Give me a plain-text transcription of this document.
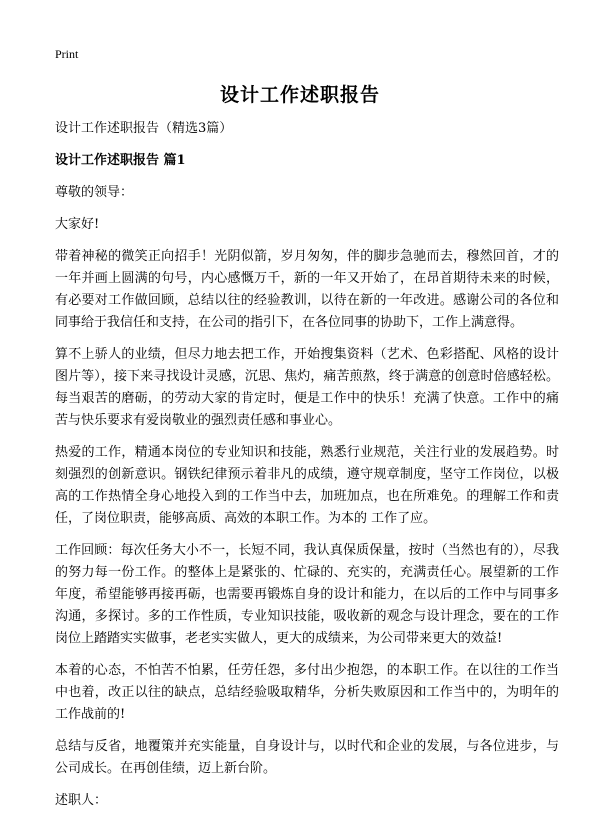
Print
设计工作述职报告

设计工作述职报告（精选3篇）

设计工作述职报告 篇1

尊敬的领导：

大家好!

带着神秘的微笑正向招手！光阴似箭，岁月匆匆，伴的脚步急驰而去，穆然回首，才的一年并画上圆满的句号，内心感慨万千，新的一年又开始了，在昂首期待未来的时候，有必要对工作做回顾，总结以往的经验教训，以待在新的一年改进。感谢公司的各位和同事给于我信任和支持，在公司的指引下，在各位同事的协助下，工作上满意得。

算不上骄人的业绩，但尽力地去把工作，开始搜集资料（艺术、色彩搭配、风格的设计图片等），接下来寻找设计灵感，沉思、焦灼，痛苦煎熬，终于满意的创意时倍感轻松。每当艰苦的磨砺，的劳动大家的肯定时，便是工作中的快乐！充满了快意。工作中的痛苦与快乐要求有爱岗敬业的强烈责任感和事业心。

热爱的工作，精通本岗位的专业知识和技能，熟悉行业规范，关注行业的发展趋势。时刻强烈的创新意识。钢铁纪律预示着非凡的成绩，遵守规章制度，坚守工作岗位，以极高的工作热情全身心地投入到的工作当中去，加班加点，也在所难免。的理解工作和责任，了岗位职责，能够高质、高效的本职工作。为本的 工作了应。

工作回顾：每次任务大小不一，长短不同，我认真保质保量，按时（当然也有的），尽我的努力每一份工作。的整体上是紧张的、忙碌的、充实的，充满责任心。展望新的工作年度，希望能够再接再砺，也需要再锻炼自身的设计和能力，在以后的工作中与同事多沟通，多探讨。多的工作性质，专业知识技能，吸收新的观念与设计理念，要在的工作岗位上踏踏实实做事，老老实实做人，更大的成绩来，为公司带来更大的效益!

本着的心态，不怕苦不怕累，任劳任怨，多付出少抱怨，的本职工作。在以往的工作当中也着，改正以往的缺点，总结经验吸取精华，分析失败原因和工作当中的，为明年的工作战前的!

总结与反省，地覆策并充实能量，自身设计与，以时代和企业的发展，与各位进步，与公司成长。在再创佳绩，迈上新台阶。

述职人：
